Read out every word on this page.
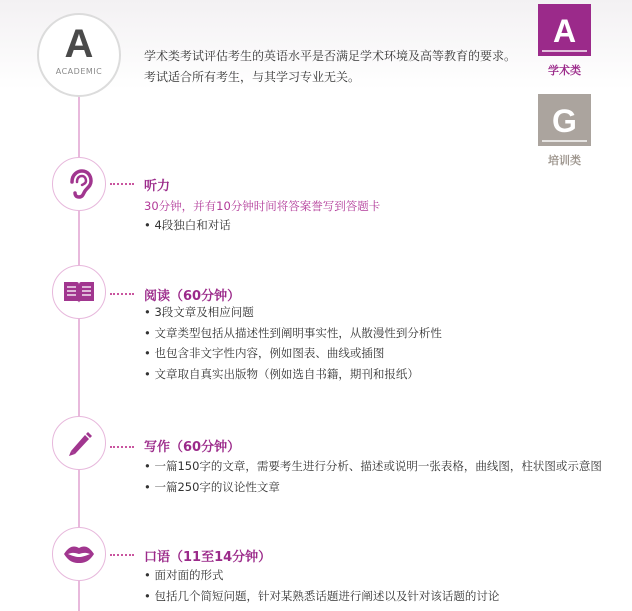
A
ACADEMIC
学术类考试评估考生的英语水平是否满足学术环境及高等教育的要求。
考试适合所有考生，与其学习专业无关。
A
学术类
G
培训类
听力
30分钟，并有10分钟时间将答案誊写到答题卡
• 4段独白和对话
阅读（60分钟）
• 3段文章及相应问题
• 文章类型包括从描述性到阐明事实性，从散漫性到分析性
• 也包含非文字性内容，例如图表、曲线或插图
• 文章取自真实出版物（例如选自书籍，期刊和报纸）
写作（60分钟）
• 一篇150字的文章，需要考生进行分析、描述或说明一张表格，曲线图，柱状图或示意图
• 一篇250字的议论性文章
口语（11至14分钟）
• 面对面的形式
• 包括几个简短问题，针对某熟悉话题进行阐述以及针对该话题的讨论
